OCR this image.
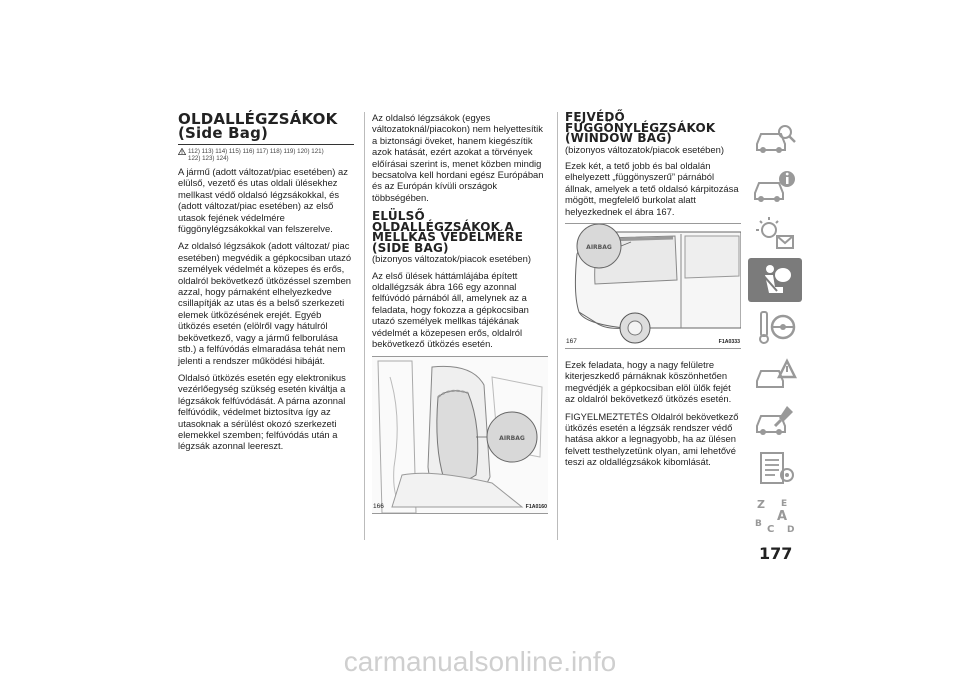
OLDALLÉGZSÁKOK
(Side Bag)
112) 113) 114) 115) 116) 117) 118) 119) 120) 121)
122) 123) 124)

A jármű (adott változat/piac esetében) az elülső, vezető és utas oldali ülésekhez mellkast védő oldalsó légzsákokkal, és (adott változat/piac esetében) az első utasok fejének védelmére függönylégzsákokkal van felszerelve.

Az oldalsó légzsákok (adott változat/ piac esetében) megvédik a gépkocsiban utazó személyek védelmét a közepes és erős, oldalról bekövetkező ütközéssel szemben azzal, hogy párnaként elhelyezkedve csillapítják az utas és a belső szerkezeti elemek ütközésének erejét. Egyéb ütközés esetén (elölről vagy hátulról bekövetkező, vagy a jármű felborulása stb.) a felfúvódás elmaradása tehát nem jelenti a rendszer működési hibáját.

Oldalsó ütközés esetén egy elektronikus vezérlőegység szükség esetén kiváltja a légzsákok felfúvódását. A párna azonnal felfúvódik, védelmet biztosítva így az utasoknak a sérülést okozó szerkezeti elemekkel szemben; felfúvódás után a légzsák azonnal leereszt.

Az oldalsó légzsákok (egyes változatoknál/piacokon) nem helyettesítik a biztonsági öveket, hanem kiegészítik azok hatását, ezért azokat a törvények előírásai szerint is, menet közben mindig becsatolva kell hordani egész Európában és az Európán kívüli országok többségében.

ELÜLSŐ
OLDALLÉGZSÁKOK A
MELLKAS VÉDELMÉRE
(SIDE BAG)

(bizonyos változatok/piacok esetében)

Az első ülések háttámlájába épített oldallégzsák ábra 166 egy azonnal felfúvódó párnából áll, amelynek az a feladata, hogy fokozza a gépkocsiban utazó személyek mellkas tájékának védelmét a közepesen erős, oldalról bekövetkező ütközés esetén.

AIRBAG
166	F1A0160
FEJVÉDŐ
FÜGGÖNYLÉGZSÁKOK
(WINDOW BAG)

(bizonyos változatok/piacok esetében)

Ezek két, a tető jobb és bal oldalán elhelyezett „függönyszerű” párnából állnak, amelyek a tető oldalsó kárpitozása mögött, megfelelő burkolat alatt helyezkednek el ábra 167.

AIRBAG
167	F1A0333

Ezek feladata, hogy a nagy felületre kiterjeszkedő párnáknak köszönhetően megvédjék a gépkocsiban elöl ülők fejét az oldalról bekövetkező ütközés esetén.

FIGYELMEZTETÉS Oldalról bekövetkező ütközés esetén a légzsák rendszer védő hatása akkor a legnagyobb, ha az ülésen felvett testhelyzetünk olyan, ami lehetővé teszi az oldallégzsákok kibomlását.

Z E
B A
C D
177
carmanualsonline.info
